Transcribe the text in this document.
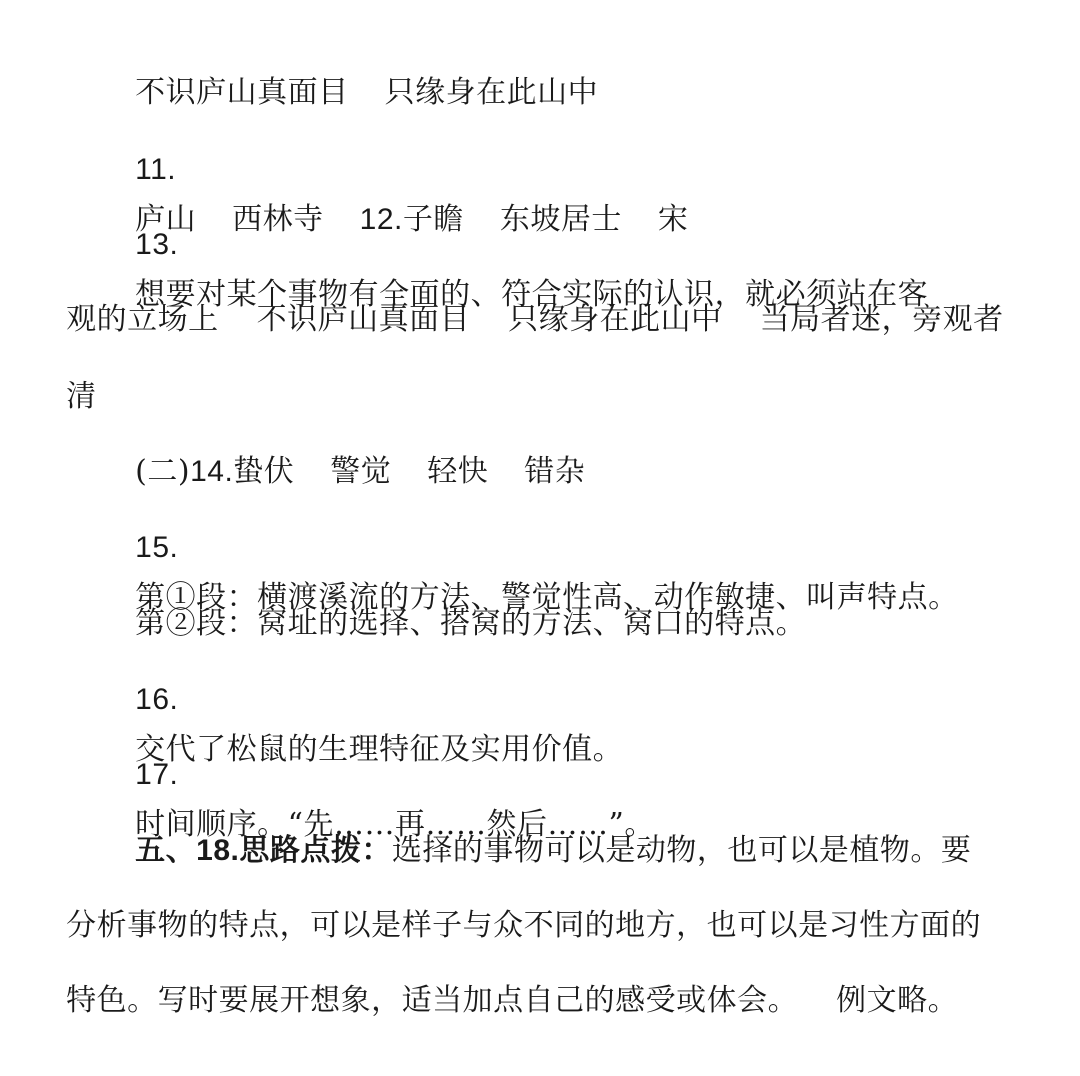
不识庐山真面目 只缘身在此山中

11.
庐山 西林寺 12.子瞻 东坡居士 宋

13.
想要对某个事物有全面的、符合实际的认识，就必须站在客

观的立场上 不识庐山真面目 只缘身在此山中 当局者迷，旁观者

清

(二)14.蛰伏 警觉 轻快 错杂

15.
第①段：横渡溪流的方法、警觉性高、动作敏捷、叫声特点。

第②段：窝址的选择、搭窝的方法、窝口的特点。

16.
交代了松鼠的生理特征及实用价值。

17.
时间顺序。“先……再……然后……”。

五、18.思路点拨：选择的事物可以是动物，也可以是植物。要

分析事物的特点，可以是样子与众不同的地方，也可以是习性方面的

特色。写时要展开想象，适当加点自己的感受或体会。 例文略。
